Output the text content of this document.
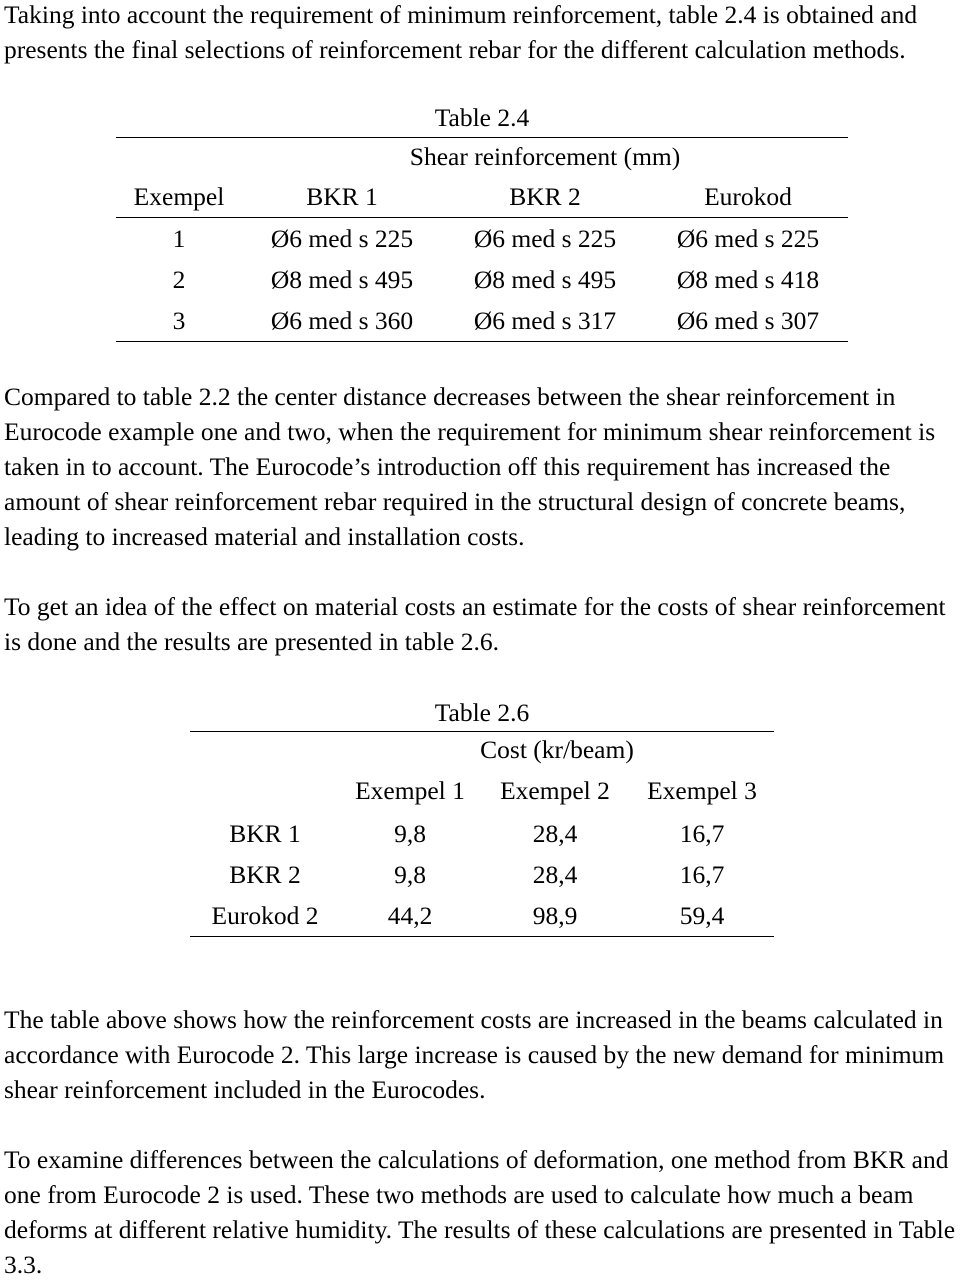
Taking into account the requirement of minimum reinforcement, table 2.4 is obtained and presents the final selections of reinforcement rebar for the different calculation methods.

Table 2.4
	Shear reinforcement (mm)		
Exempel	BKR 1	BKR 2	Eurokod
1	Ø6 med s 225	Ø6 med s 225	Ø6 med s 225
2	Ø8 med s 495	Ø8 med s 495	Ø8 med s 418
3	Ø6 med s 360	Ø6 med s 317	Ø6 med s 307

Compared to table 2.2 the center distance decreases between the shear reinforcement in Eurocode example one and two, when the requirement for minimum shear reinforcement is taken in to account. The Eurocode’s introduction off this requirement has increased the amount of shear reinforcement rebar required in the structural design of concrete beams, leading to increased material and installation costs.

To get an idea of the effect on material costs an estimate for the costs of shear reinforcement is done and the results are presented in table 2.6.

Table 2.6
	Cost (kr/beam)		
	Exempel 1	Exempel 2	Exempel 3
BKR 1	9,8	28,4	16,7
BKR 2	9,8	28,4	16,7
Eurokod 2	44,2	98,9	59,4

The table above shows how the reinforcement costs are increased in the beams calculated in accordance with Eurocode 2. This large increase is caused by the new demand for minimum shear reinforcement included in the Eurocodes.

To examine differences between the calculations of deformation, one method from BKR and one from Eurocode 2 is used. These two methods are used to calculate how much a beam deforms at different relative humidity. The results of these calculations are presented in Table 3.3.
